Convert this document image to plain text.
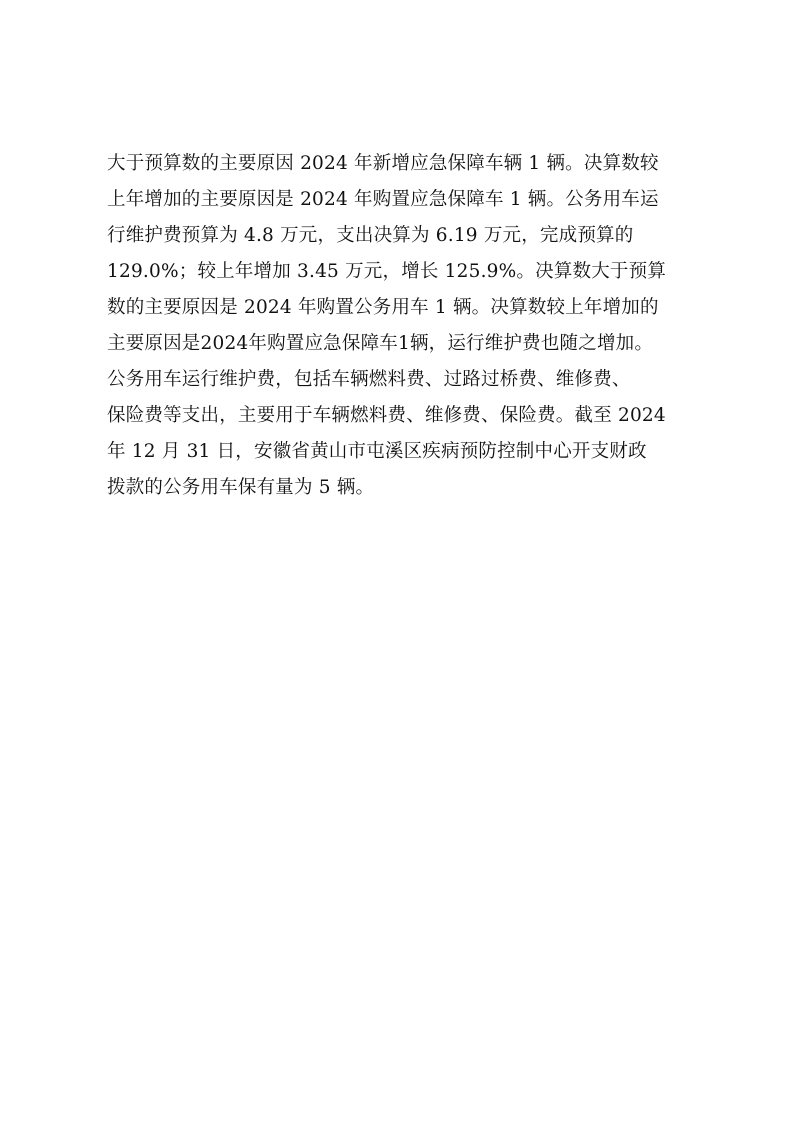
大于预算数的主要原因 2024 年新增应急保障车辆 1 辆。决算数较
上年增加的主要原因是 2024 年购置应急保障车 1 辆。公务用车运
行维护费预算为 4.8 万元，支出决算为 6.19 万元，完成预算的
129.0%；较上年增加 3.45 万元，增长 125.9%。决算数大于预算
数的主要原因是 2024 年购置公务用车 1 辆。决算数较上年增加的
主要原因是2024年购置应急保障车1辆，运行维护费也随之增加。
公务用车运行维护费，包括车辆燃料费、过路过桥费、维修费、
保险费等支出，主要用于车辆燃料费、维修费、保险费。截至 2024
年 12 月 31 日，安徽省黄山市屯溪区疾病预防控制中心开支财政
拨款的公务用车保有量为 5 辆。
